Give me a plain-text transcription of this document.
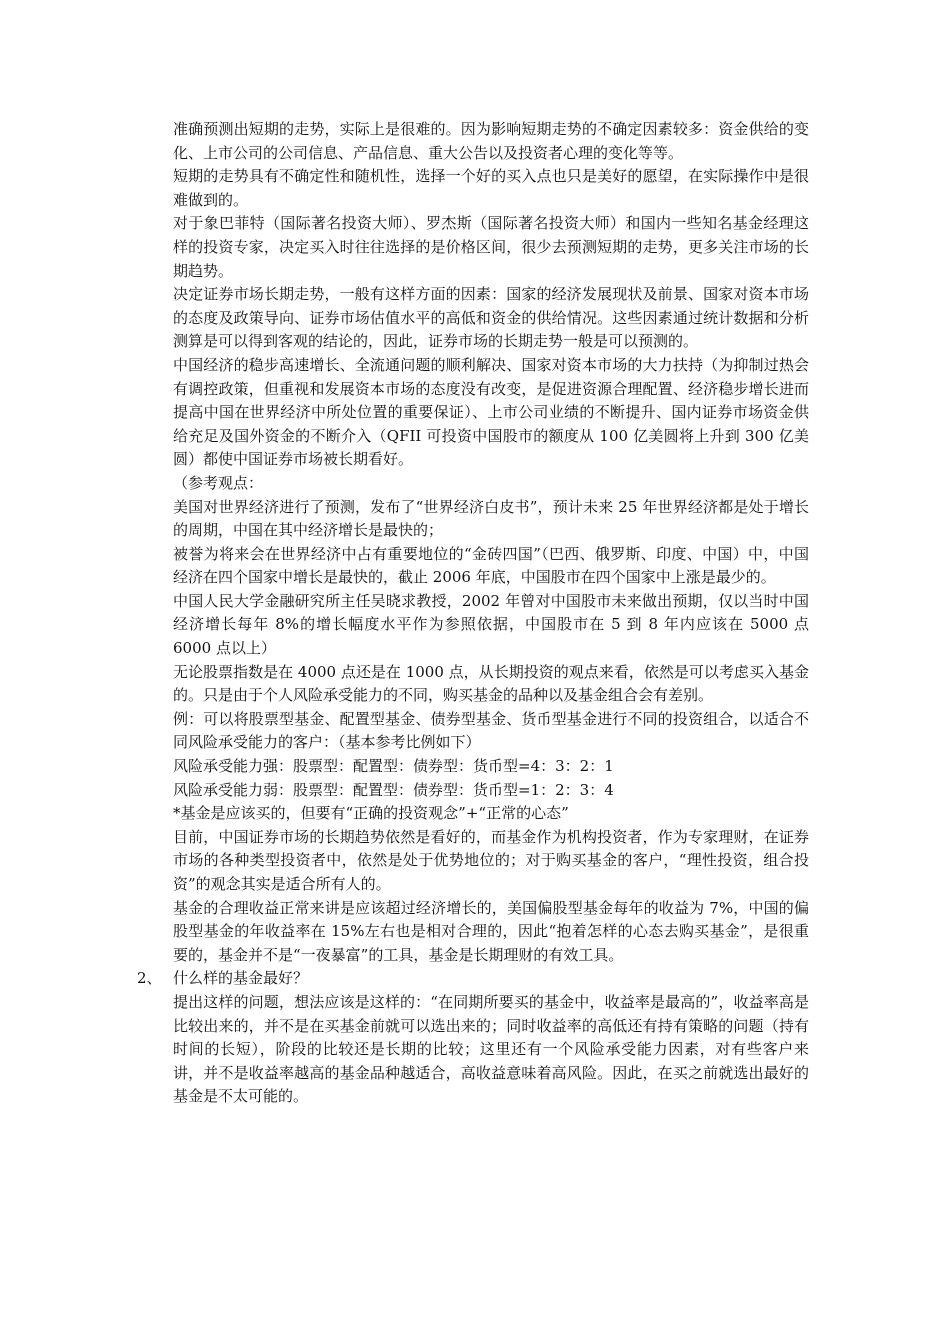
准确预测出短期的走势，实际上是很难的。因为影响短期走势的不确定因素较多：资金供给的变化、上市公司的公司信息、产品信息、重大公告以及投资者心理的变化等等。

短期的走势具有不确定性和随机性，选择一个好的买入点也只是美好的愿望，在实际操作中是很难做到的。

对于象巴菲特（国际著名投资大师）、罗杰斯（国际著名投资大师）和国内一些知名基金经理这样的投资专家，决定买入时往往选择的是价格区间，很少去预测短期的走势，更多关注市场的长期趋势。

决定证券市场长期走势，一般有这样方面的因素：国家的经济发展现状及前景、国家对资本市场的态度及政策导向、证券市场估值水平的高低和资金的供给情况。这些因素通过统计数据和分析测算是可以得到客观的结论的，因此，证券市场的长期走势一般是可以预测的。

中国经济的稳步高速增长、全流通问题的顺利解决、国家对资本市场的大力扶持（为抑制过热会有调控政策，但重视和发展资本市场的态度没有改变，是促进资源合理配置、经济稳步增长进而提高中国在世界经济中所处位置的重要保证）、上市公司业绩的不断提升、国内证券市场资金供给充足及国外资金的不断介入（QFII 可投资中国股市的额度从 100 亿美圆将上升到 300 亿美圆）都使中国证券市场被长期看好。

（参考观点：

美国对世界经济进行了预测，发布了“世界经济白皮书”，预计未来 25 年世界经济都是处于增长的周期，中国在其中经济增长是最快的；

被誉为将来会在世界经济中占有重要地位的“金砖四国”（巴西、俄罗斯、印度、中国）中，中国经济在四个国家中增长是最快的，截止 2006 年底，中国股市在四个国家中上涨是最少的。

中国人民大学金融研究所主任吴晓求教授，2002 年曾对中国股市未来做出预期，仅以当时中国经济增长每年 8%的增长幅度水平作为参照依据，中国股市在 5 到 8 年内应该在 5000 点 6000 点以上）

无论股票指数是在 4000 点还是在 1000 点，从长期投资的观点来看，依然是可以考虑买入基金的。只是由于个人风险承受能力的不同，购买基金的品种以及基金组合会有差别。

例：可以将股票型基金、配置型基金、债券型基金、货币型基金进行不同的投资组合，以适合不同风险承受能力的客户：（基本参考比例如下）

风险承受能力强：股票型：配置型：债券型：货币型=4：3：2：1

风险承受能力弱：股票型：配置型：债券型：货币型=1：2：3：4

*基金是应该买的，但要有“正确的投资观念”+“正常的心态”

目前，中国证券市场的长期趋势依然是看好的，而基金作为机构投资者，作为专家理财，在证券市场的各种类型投资者中，依然是处于优势地位的；对于购买基金的客户，“理性投资，组合投资”的观念其实是适合所有人的。

基金的合理收益正常来讲是应该超过经济增长的，美国偏股型基金每年的收益为 7%，中国的偏股型基金的年收益率在 15%左右也是相对合理的，因此“抱着怎样的心态去购买基金”，是很重要的，基金并不是“一夜暴富”的工具，基金是长期理财的有效工具。

2、 什么样的基金最好？

提出这样的问题，想法应该是这样的：“在同期所要买的基金中，收益率是最高的”，收益率高是比较出来的，并不是在买基金前就可以选出来的；同时收益率的高低还有持有策略的问题（持有时间的长短），阶段的比较还是长期的比较；这里还有一个风险承受能力因素，对有些客户来讲，并不是收益率越高的基金品种越适合，高收益意味着高风险。因此，在买之前就选出最好的基金是不太可能的。
